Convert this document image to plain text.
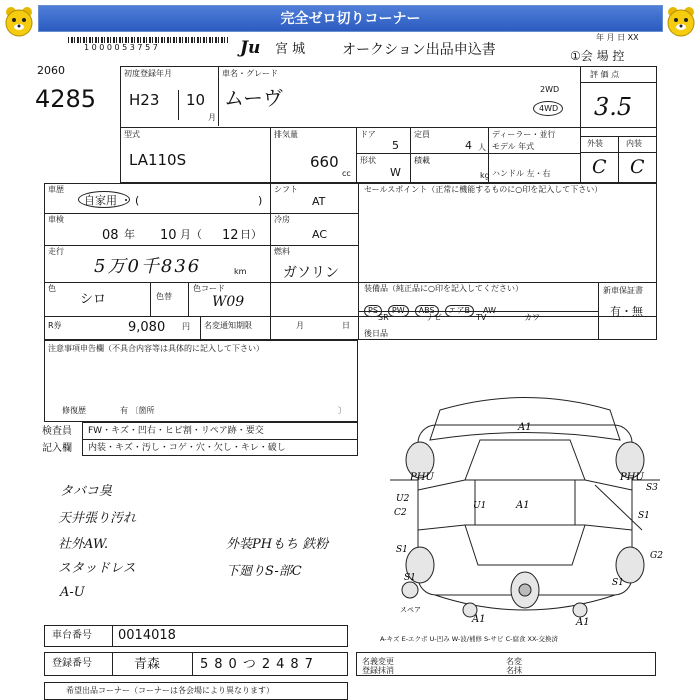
完全ゼロ切りコーナー
1 0 0 0 0 5 3 7 5 7	Ju 宮 城	オークション出品申込書
年 月 日 XX
①会 場 控
2060
4285
初度登録年月
H23 10
月
車名・グレード
ムーヴ	2WD
4WD
評 価 点
3.5
型式
LA110S
排気量
660
cc
ドア
5
定員
4 人
ディーラー・並行
モデル 年式
形状
W
積載
kg ハンドル 左・右
外装	内装
C C
車歴
自家用 ・ (	)
シフト
AT
セールスポイント（正常に機能するものに○印を記入して下さい）
車検
08 年 10 月（ 12 日）
冷房
AC
走行
5万0千836	km
燃料
ガソリン
色
シロ	色替
色コード
W09
装備品（純正品に○印を記入してください）
PS PW ABS エアB AW
SR	ナビ	TV	カワ
新車保証書
有・無
R券	9,080 円 名変通知期限	月	日
後日品
注意事項申告欄（不具合内容等は具体的に記入して下さい）
修復歴	有 〔箇所	〕
検査員 FW・キズ・凹右・ヒビ割・リペア跡・要交
内装・キズ・汚し・コゲ・穴・欠し・キレ・破し
記入欄
タバコ臭
天井張り汚れ
社外AW.
スタッドレス
A-U
外装PHもち 鉄粉
下廻りS-部C
A1
A1
PHU	PHU
S3
U2
C2
S1
S1
S1
S1
G2
A1	A1
U1
スペア
A-キズ E-エクボ U-凹み W-波/補修 S-サビ C-腐食 XX-交換済
車台番号 0014018
登録番号	青森	580つ2487	名義変更
登録抹消
名変
名抹
希望出品コーナー（コーナーは各会場により異なります）
